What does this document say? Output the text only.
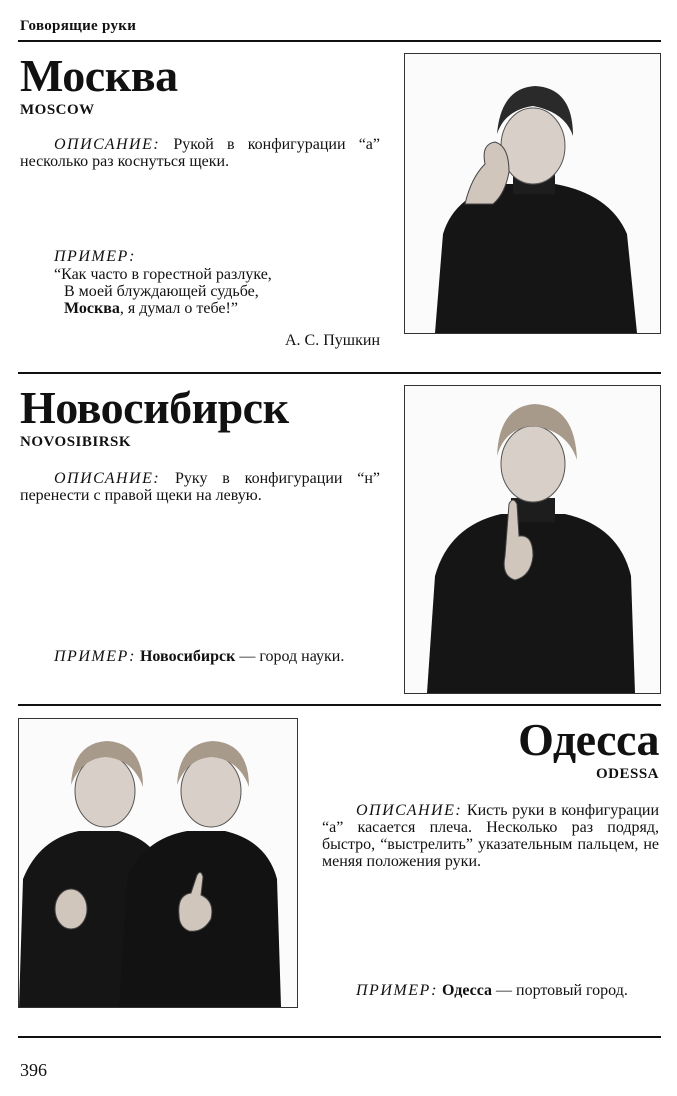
Говорящие руки
Москва
MOSCOW
ОПИСАНИЕ: Рукой в конфигурации “а” несколько раз коснуться щеки.
ПРИМЕР:
“Как часто в горестной разлуке,
В моей блуждающей судьбе,
Москва, я думал о тебе!”
А. С. Пушкин
Новосибирск
NOVOSIBIRSK
ОПИСАНИЕ: Руку в конфигурации “н” перенести с правой щеки на левую.
ПРИМЕР: Новосибирск — город науки.
Одесса
ODESSA
ОПИСАНИЕ: Кисть руки в конфигурации “а” касается плеча. Несколько раз подряд, быстро, “выстрелить” указательным пальцем, не меняя положения руки.
ПРИМЕР: Одесса — портовый город.
396
